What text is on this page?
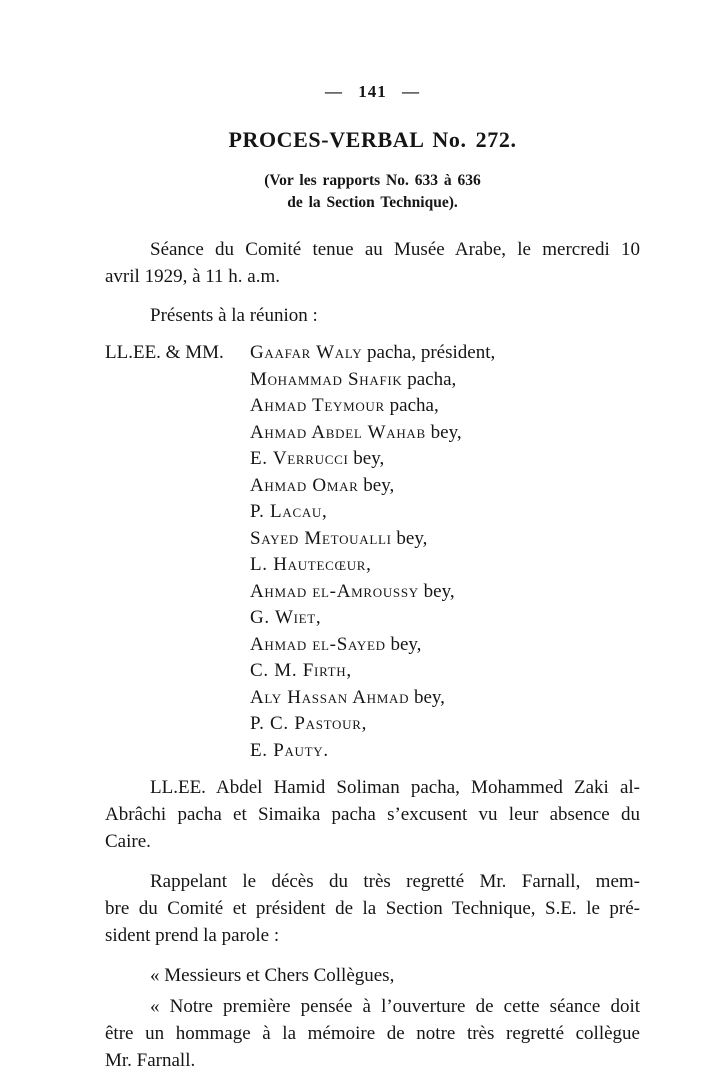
— 141 —
PROCES-VERBAL No. 272.
(Vor les rapports No. 633 à 636
de la Section Technique).

Séance du Comité tenue au Musée Arabe, le mercredi 10
avril 1929, à 11 h. a.m.

Présents à la réunion :

LL.EE. & MM. Gaafar Waly pacha, président,
Mohammad Shafik pacha,
Ahmad Teymour pacha,
Ahmad Abdel Wahab bey,
E. Verrucci bey,
Ahmad Omar bey,
P. Lacau,
Sayed Metoualli bey,
L. Hautecœur,
Ahmad el-Amroussy bey,
G. Wiet,
Ahmad el-Sayed bey,
C. M. Firth,
Aly Hassan Ahmad bey,
P. C. Pastour,
E. Pauty.

LL.EE. Abdel Hamid Soliman pacha, Mohammed Zaki al-
Abrâchi pacha et Simaika pacha s’excusent vu leur absence du
Caire.

Rappelant le décès du très regretté Mr. Farnall, mem-
bre du Comité et président de la Section Technique, S.E. le pré-
sident prend la parole :

« Messieurs et Chers Collègues,

« Notre première pensée à l’ouverture de cette séance doit
être un hommage à la mémoire de notre très regretté collègue
Mr. Farnall.
